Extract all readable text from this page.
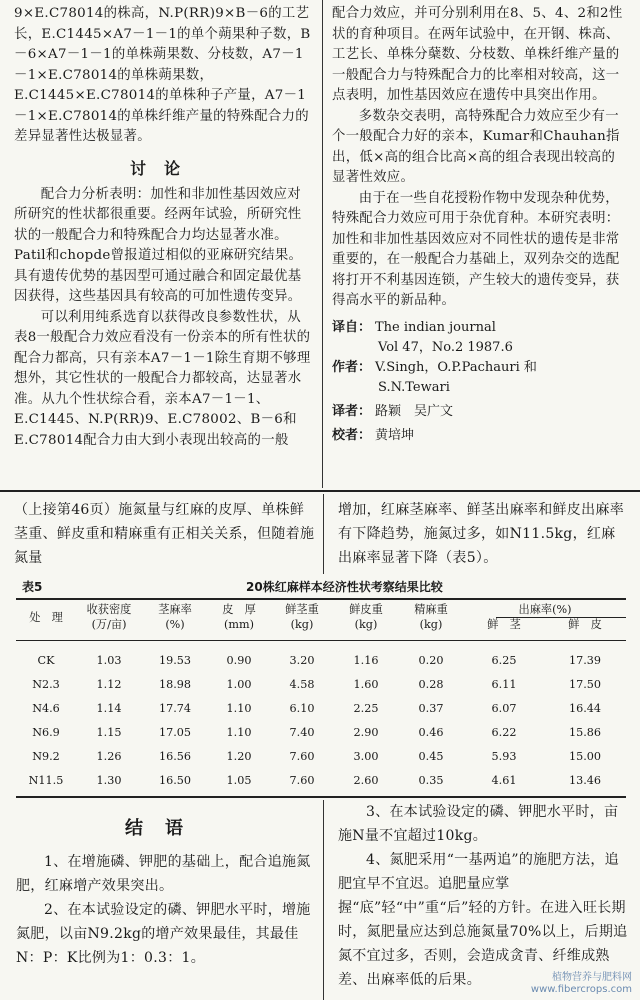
9×E.C78014的株高，N.P(RR)9×B－6的工艺长，E.C1445×A7－1－1的单个蒴果种子数，B－6×A7－1－1的单株蒴果数、分枝数，A7－1－1×E.C78014的单株蒴果数，E.C1445×E.C78014的单株种子产量，A7－1－1×E.C78014的单株纤维产量的特殊配合力的差异显著性达极显著。

讨论

配合力分析表明：加性和非加性基因效应对所研究的性状都很重要。经两年试验，所研究性状的一般配合力和特殊配合力均达显著水准。Patil和chopde曾报道过相似的亚麻研究结果。具有遗传优势的基因型可通过融合和固定最优基因获得，这些基因具有较高的可加性遗传变异。

可以利用纯系选育以获得改良参数性状，从表8一般配合力效应看没有一份亲本的所有性状的配合力都高，只有亲本A7－1－1除生育期不够理想外，其它性状的一般配合力都较高，达显著水准。从九个性状综合看，亲本A7－1－1、E.C1445、N.P(RR)9、E.C78002、B－6和E.C78014配合力由大到小表现出较高的一般

配合力效应，并可分别利用在8、5、4、2和2性状的育种项目。在两年试验中，在开钢、株高、工艺长、单株分蘖数、分枝数、单株纤维产量的一般配合力与特殊配合力的比率相对较高，这一点表明，加性基因效应在遗传中具突出作用。

多数杂交表明，高特殊配合力效应至少有一个一般配合力好的亲本，Kumar和Chauhan指出，低×高的组合比高×高的组合表现出较高的显著性效应。

由于在一些自花授粉作物中发现杂种优势，特殊配合力效应可用于杂优育种。本研究表明：加性和非加性基因效应对不同性状的遗传是非常重要的，在一般配合力基础上，双列杂交的选配将打开不利基因连锁，产生较大的遗传变异，获得高水平的新品种。

译自： The indian journal
Vol 47，No.2 1987.6
作者： V.Singh，O.P.Pachauri 和
S.N.Tewari
译者： 路颖　吴广文
校者： 黄培坤

（上接第46页）施氮量与红麻的皮厚、单株鲜茎重、鲜皮重和精麻重有正相关关系，但随着施氮量

增加，红麻茎麻率、鲜茎出麻率和鲜皮出麻率有下降趋势，施氮过多，如N11.5kg，红麻出麻率显著下降（表5）。

表5	20株红麻样本经济性状考察结果比较
处　理	收获密度	茎麻率	皮　厚	鲜茎重	鲜皮重	精麻重	出麻率(%)	
	(万/亩)	(%)	(mm)	(kg)	(kg)	(kg)	鲜　茎	鲜　皮
CK	1.03	19.53	0.90	3.20	1.16	0.20	6.25	17.39
N2.3	1.12	18.98	1.00	4.58	1.60	0.28	6.11	17.50
N4.6	1.14	17.74	1.10	6.10	2.25	0.37	6.07	16.44
N6.9	1.15	17.05	1.10	7.40	2.90	0.46	6.22	15.86
N9.2	1.26	16.56	1.20	7.60	3.00	0.45	5.93	15.00
N11.5	1.30	16.50	1.05	7.60	2.60	0.35	4.61	13.46

结语

1、在增施磷、钾肥的基础上，配合追施氮肥，红麻增产效果突出。

2、在本试验设定的磷、钾肥水平时，增施氮肥，以亩N9.2kg的增产效果最佳，其最佳N：P：K比例为1：0.3：1。

3、在本试验设定的磷、钾肥水平时，亩施N量不宜超过10kg。

4、氮肥采用“一基两追”的施肥方法，追肥宜早不宜迟。追肥量应掌握“底”轻“中”重“后”轻的方针。在进入旺长期时，氮肥量应达到总施氮量70%以上，后期追氮不宜过多，否则，会造成贪青、纤维成熟差、出麻率低的后果。	植物营养与肥料网
www.fibercrops.com
